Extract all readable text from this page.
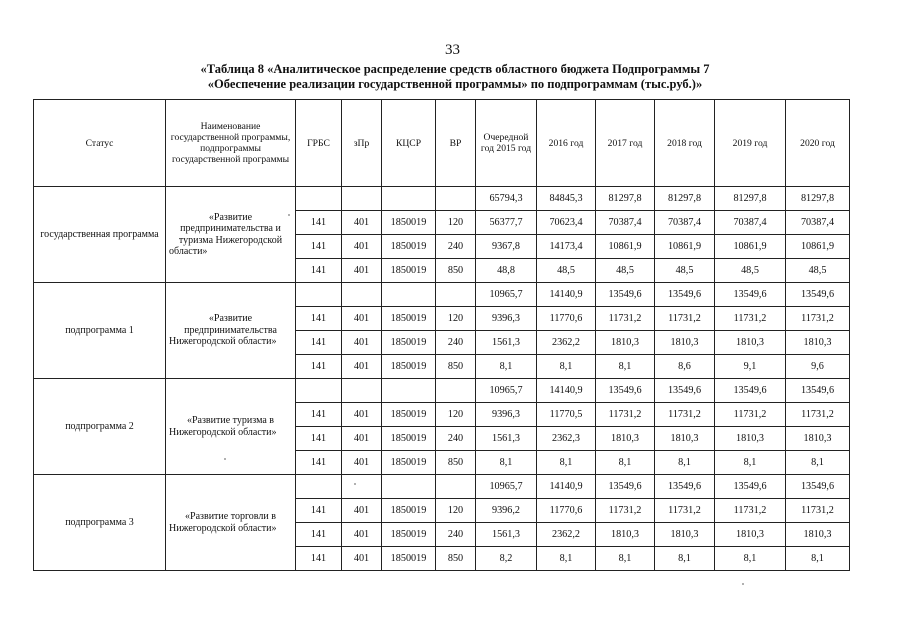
33
«Таблица 8 «Аналитическое распределение средств областного бюджета Подпрограммы 7
«Обеспечение реализации государственной программы» по подпрограммам (тыс.руб.)»
Статус	Наименование государственной программы, подпрограммы государственной программы	ГРБС	зПр	КЦСР	ВР	Очередной год 2015 год	2016 год	2017 год	2018 год	2019 год	2020 год
государственная программа	«Развитие предпринимательства и туризма Нижегородской области»					65794,3	84845,3	81297,8	81297,8	81297,8	81297,8
		141	401	1850019	120	56377,7	70623,4	70387,4	70387,4	70387,4	70387,4
		141	401	1850019	240	9367,8	14173,4	10861,9	10861,9	10861,9	10861,9
		141	401	1850019	850	48,8	48,5	48,5	48,5	48,5	48,5
подпрограмма 1	«Развитие предпринимательства Нижегородской области»					10965,7	14140,9	13549,6	13549,6	13549,6	13549,6
		141	401	1850019	120	9396,3	11770,6	11731,2	11731,2	11731,2	11731,2
		141	401	1850019	240	1561,3	2362,2	1810,3	1810,3	1810,3	1810,3
		141	401	1850019	850	8,1	8,1	8,1	8,6	9,1	9,6
подпрограмма 2	«Развитие туризма в Нижегородской области»					10965,7	14140,9	13549,6	13549,6	13549,6	13549,6
		141	401	1850019	120	9396,3	11770,5	11731,2	11731,2	11731,2	11731,2
		141	401	1850019	240	1561,3	2362,3	1810,3	1810,3	1810,3	1810,3
		141	401	1850019	850	8,1	8,1	8,1	8,1	8,1	8,1
подпрограмма 3	«Развитие торговли в Нижегородской области»					10965,7	14140,9	13549,6	13549,6	13549,6	13549,6
		141	401	1850019	120	9396,2	11770,6	11731,2	11731,2	11731,2	11731,2
		141	401	1850019	240	1561,3	2362,2	1810,3	1810,3	1810,3	1810,3
		141	401	1850019	850	8,2	8,1	8,1	8,1	8,1	8,1
